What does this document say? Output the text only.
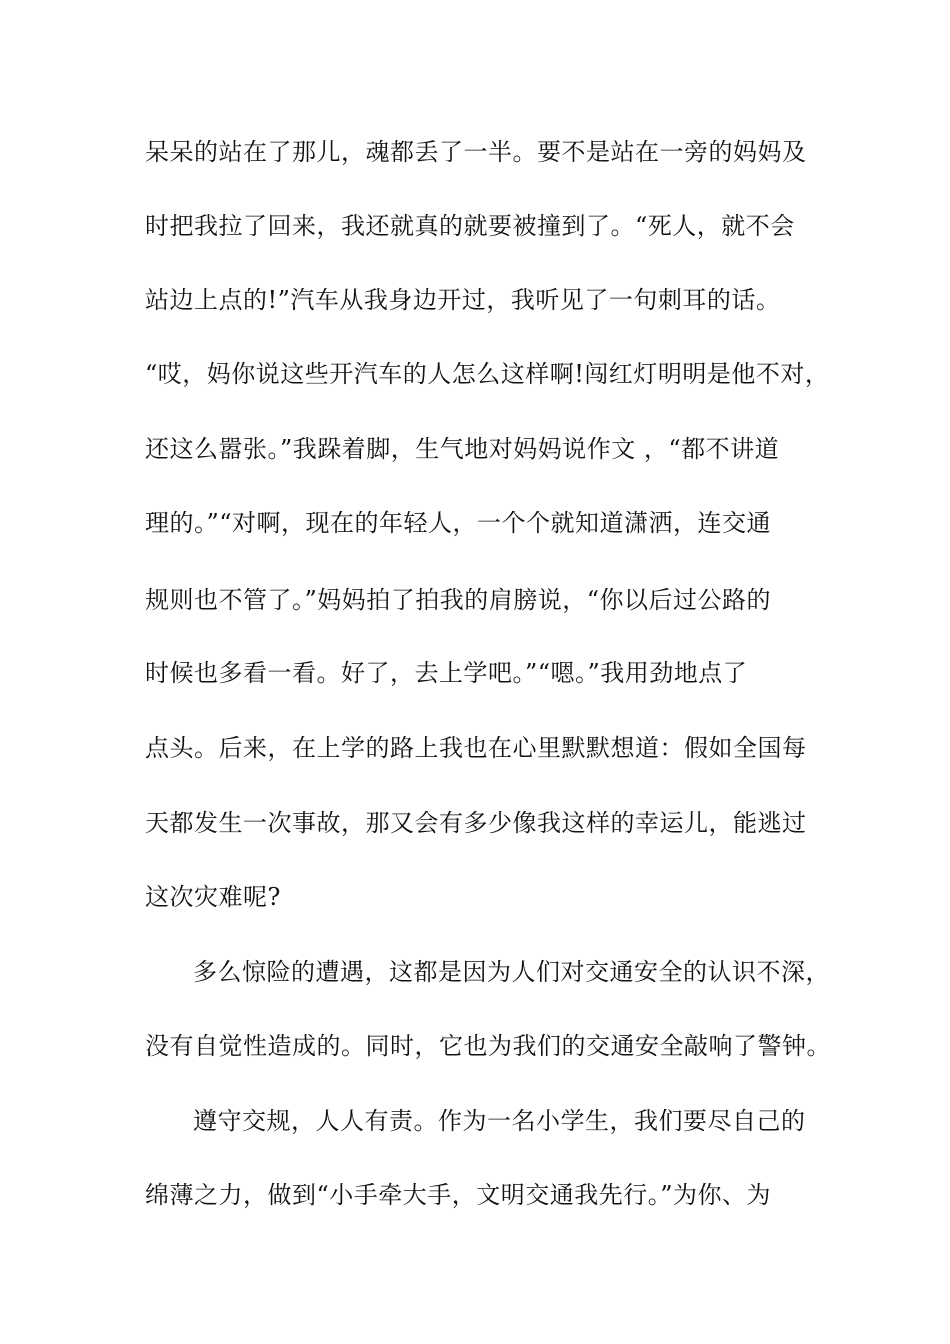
呆呆的站在了那儿，魂都丢了一半。要不是站在一旁的妈妈及
时把我拉了回来，我还就真的就要被撞到了。“死人，就不会
站边上点的!”汽车从我身边开过，我听见了一句刺耳的话。
“哎，妈你说这些开汽车的人怎么这样啊!闯红灯明明是他不对，
还这么嚣张。”我跺着脚，生气地对妈妈说作文 ，“都不讲道
理的。”“对啊，现在的年轻人，一个个就知道潇洒，连交通
规则也不管了。”妈妈拍了拍我的肩膀说，“你以后过公路的
时候也多看一看。好了，去上学吧。”“嗯。”我用劲地点了
点头。后来，在上学的路上我也在心里默默想道：假如全国每
天都发生一次事故，那又会有多少像我这样的幸运儿，能逃过
这次灾难呢?
多么惊险的遭遇，这都是因为人们对交通安全的认识不深，
没有自觉性造成的。同时，它也为我们的交通安全敲响了警钟。
遵守交规，人人有责。作为一名小学生，我们要尽自己的
绵薄之力，做到“小手牵大手，文明交通我先行。”为你、为
